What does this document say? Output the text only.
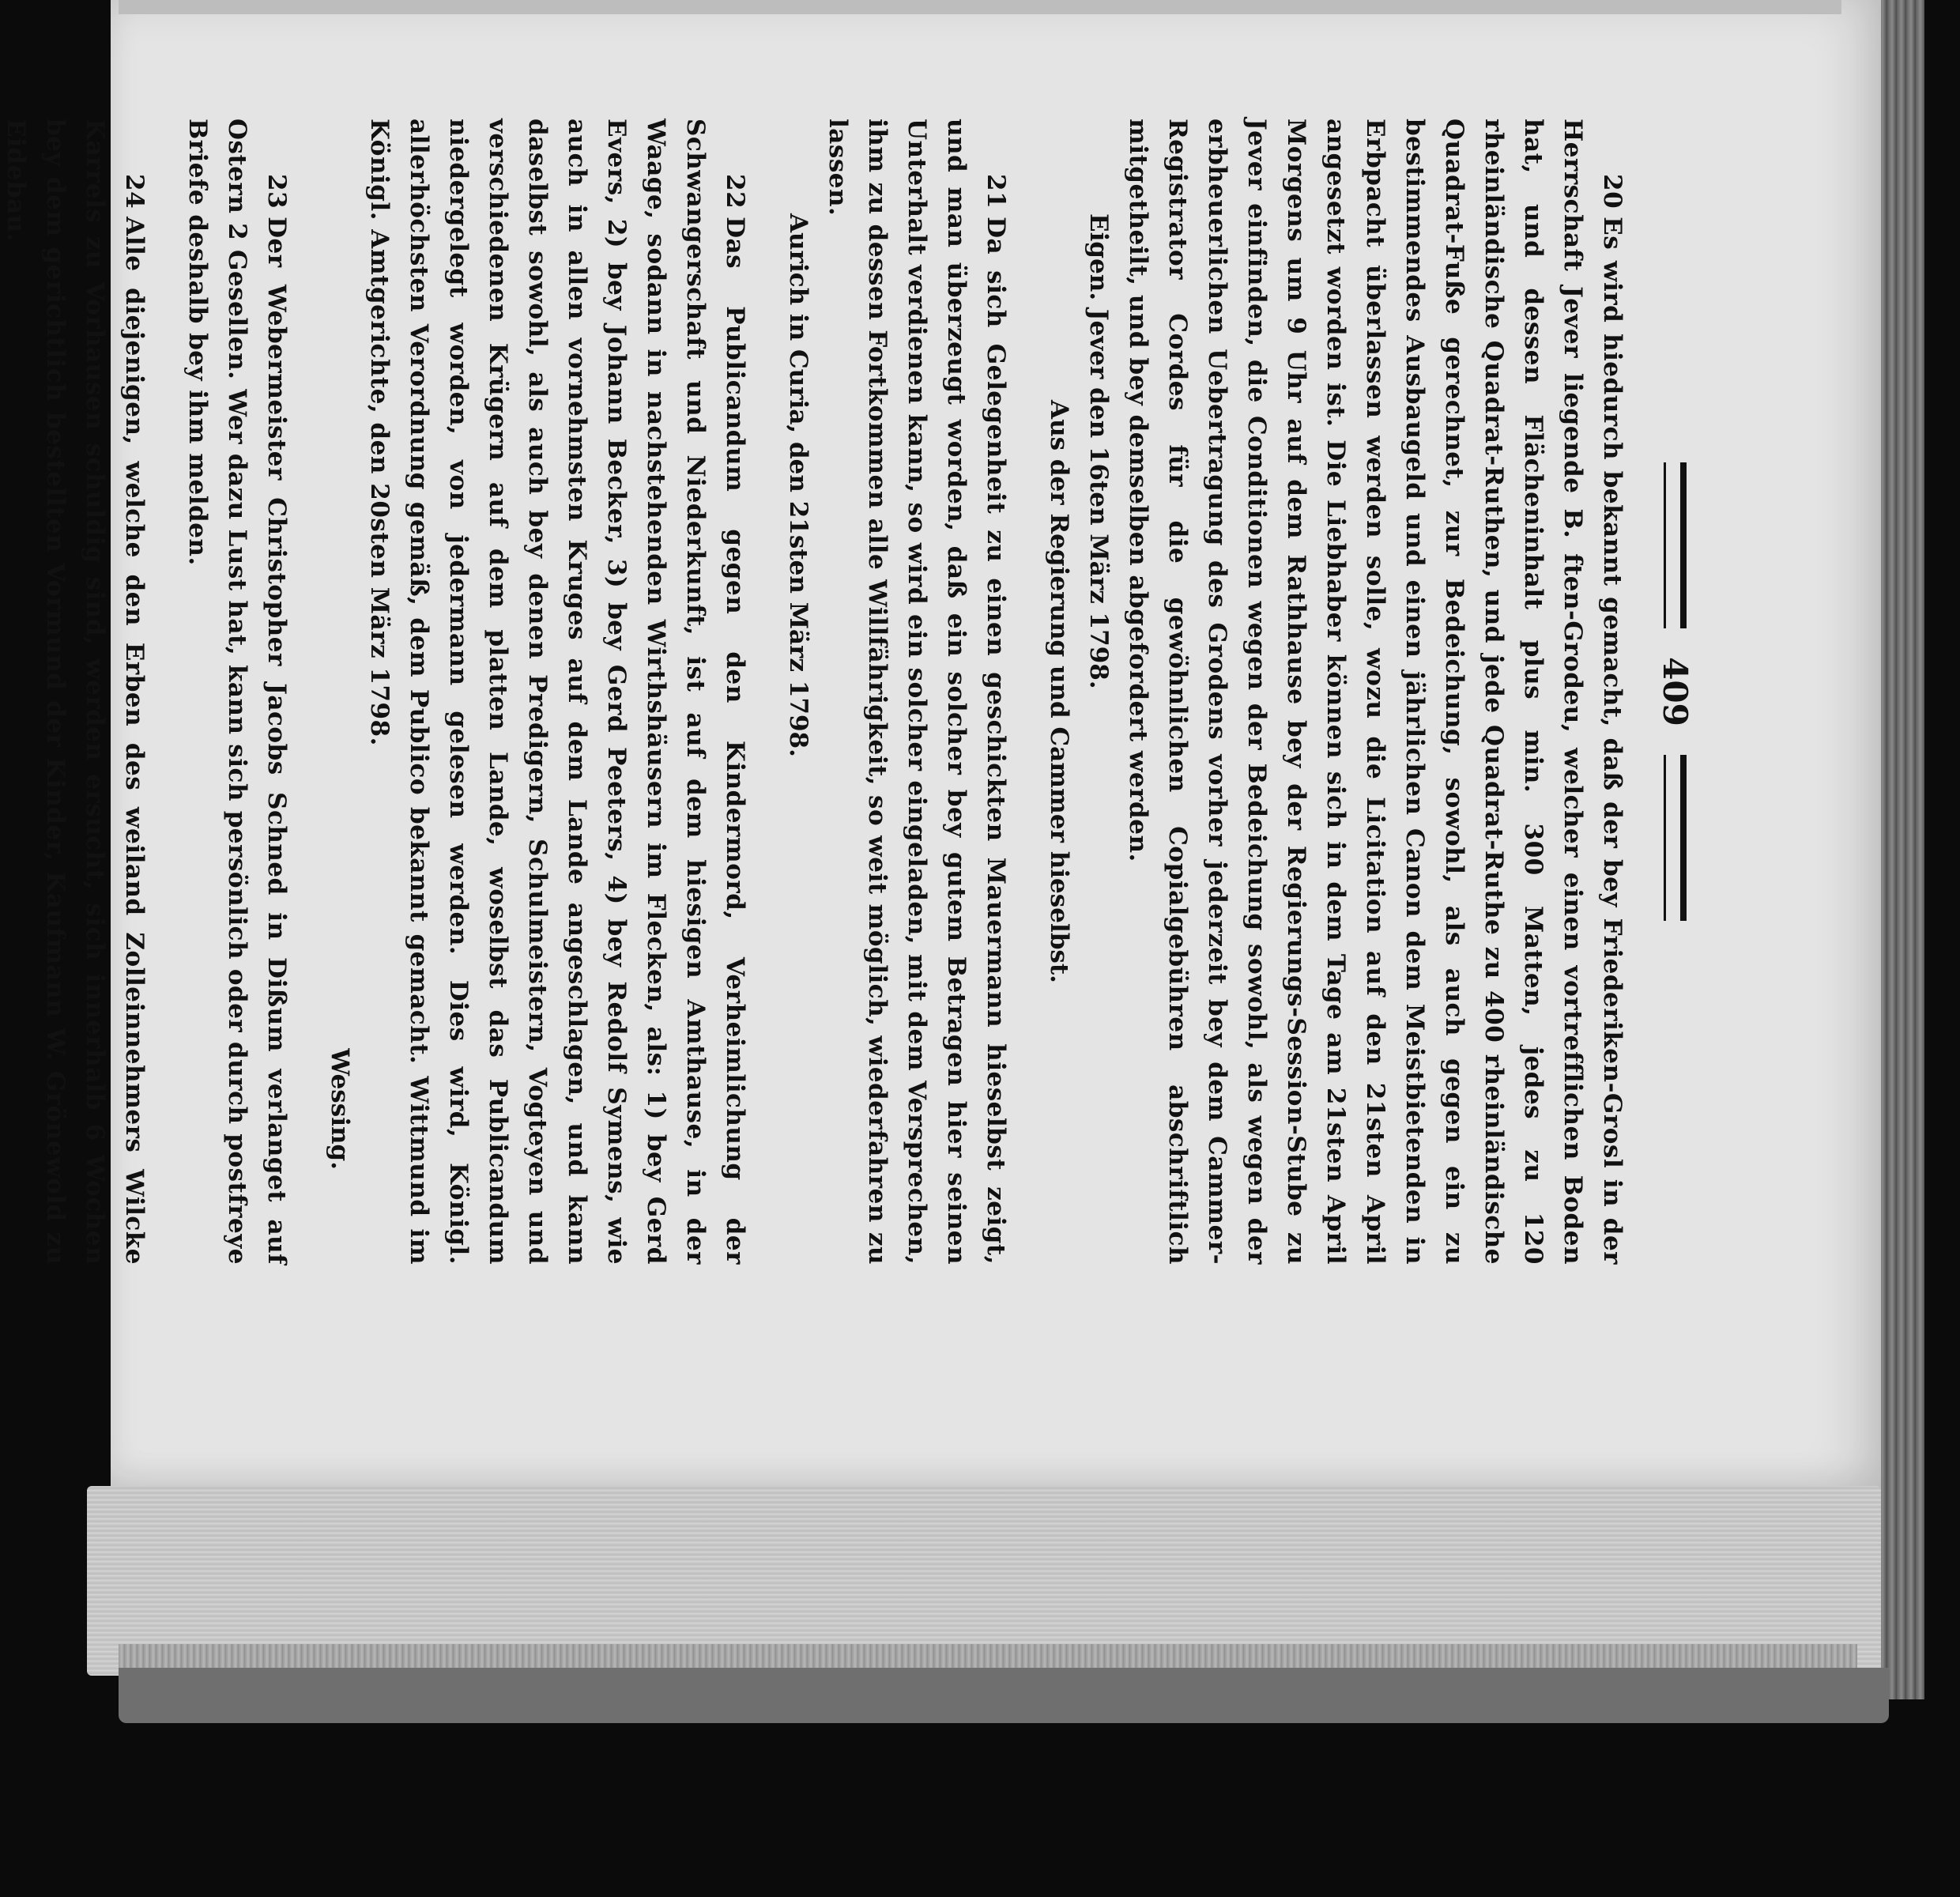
409

20Es wird hiedurch bekannt gemacht, daß der bey Friederiken-Grosl in der Herrschaft Jever liegende B. ften-Grodeu, welcher einen vortrefflichen Boden hat, und dessen Flächeninhalt plus min. 300 Matten, jedes zu 120 rheinländische Quadrat-Ruthen, und jede Quadrat-Ruthe zu 400 rheinländische Quadrat-Fuße gerechnet, zur Bedeichung, sowohl, als auch gegen ein zu bestimmendes Ausbaugeld und einen jährlichen Canon dem Meistbietenden in Erbpacht überlassen werden solle, wozu die Licitation auf den 21sten April angesetzt worden ist. Die Liebhaber können sich in dem Tage am 21sten April Morgens um 9 Uhr auf dem Rathhause bey der Regierungs-Session-Stube zu Jever einfinden, die Conditionen wegen der Bedeichung sowohl, als wegen der erbheuerlichen Uebertragung des Grodens vorher jederzeit bey dem Cammer-Registrator Cordes für die gewöhnlichen Copialgebühren abschriftlich mitgetheilt, und bey demselben abgefordert werden.

Eigen. Jever den 16ten März 1798.

Aus der Regierung und Cammer hieselbst.

21Da sich Gelegenheit zu einen geschickten Mauermann hieselbst zeigt, und man überzeugt worden, daß ein solcher bey gutem Betragen hier seinen Unterhalt verdienen kann, so wird ein solcher eingeladen, mit dem Versprechen, ihm zu dessen Fortkommen alle Willfährigkeit, so weit möglich, wiederfahren zu lassen.

Aurich in Curia, den 21sten März 1798.

22Das Publicandum gegen den Kindermord, Verheimlichung der Schwangerschaft und Niederkunft, ist auf dem hiesigen Amthause, in der Waage, sodann in nachstehenden Wirthshäusern im Flecken, als: 1) bey Gerd Evers, 2) bey Johann Becker, 3) bey Gerd Peeters, 4) bey Redolf Symens, wie auch in allen vornehmsten Kruges auf dem Lande angeschlagen, und kann daselbst sowohl, als auch bey denen Predigern, Schulmeistern, Vogteyen und verschiedenen Krügern auf dem platten Lande, woselbst das Publicandum niedergelegt worden, von jedermann gelesen werden. Dies wird, Königl. allerhöchsten Verordnung gemäß, dem Publico bekannt gemacht. Wittmund im Königl. Amtgerichte, den 20sten März 1798.

Wessing.

23Der Webermeister Christopher Jacobs Schned in Dißum verlanget auf Ostern 2 Gesellen. Wer dazu Lust hat, kann sich persönlich oder durch postfreye Briefe deshalb bey ihm melden.

24Alle diejenigen, welche den Erben des weiland Zolleinnehmers Wilcke Karrels zu Vorhausen schuldig sind, werden ersucht, sich innerhalb 6 Wochen bey dem gerichtlich bestellten Vormund der Kinder, Kaufmann W. Grönewold zu Eidebau.
